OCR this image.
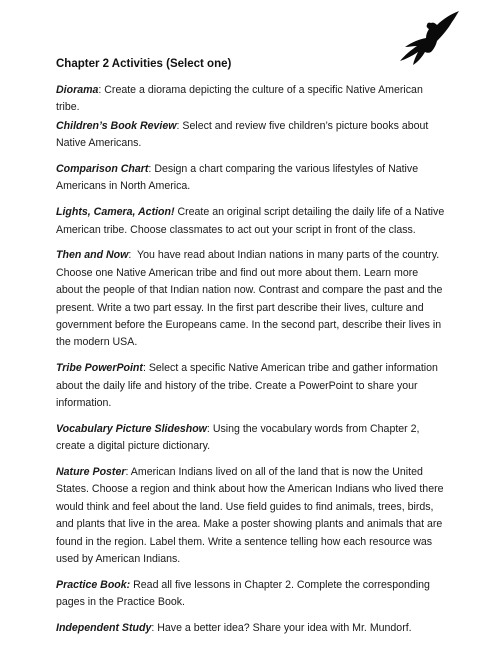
Chapter 2 Activities (Select one)

Diorama: Create a diorama depicting the culture of a specific Native American tribe.

Children’s Book Review: Select and review five children’s picture books about Native Americans.

Comparison Chart: Design a chart comparing the various lifestyles of Native Americans in North America.

Lights, Camera, Action! Create an original script detailing the daily life of a Native American tribe. Choose classmates to act out your script in front of the class.

Then and Now:  You have read about Indian nations in many parts of the country. Choose one Native American tribe and find out more about them. Learn more about the people of that Indian nation now. Contrast and compare the past and the present. Write a two part essay. In the first part describe their lives, culture and government before the Europeans came. In the second part, describe their lives in the modern USA.

Tribe PowerPoint: Select a specific Native American tribe and gather information about the daily life and history of the tribe. Create a PowerPoint to share your information.

Vocabulary Picture Slideshow: Using the vocabulary words from Chapter 2, create a digital picture dictionary.

Nature Poster: American Indians lived on all of the land that is now the United States. Choose a region and think about how the American Indians who lived there would think and feel about the land. Use field guides to find animals, trees, birds, and plants that live in the area. Make a poster showing plants and animals that are found in the region. Label them. Write a sentence telling how each resource was used by American Indians.

Practice Book: Read all five lessons in Chapter 2. Complete the corresponding pages in the Practice Book.

Independent Study: Have a better idea? Share your idea with Mr. Mundorf.
